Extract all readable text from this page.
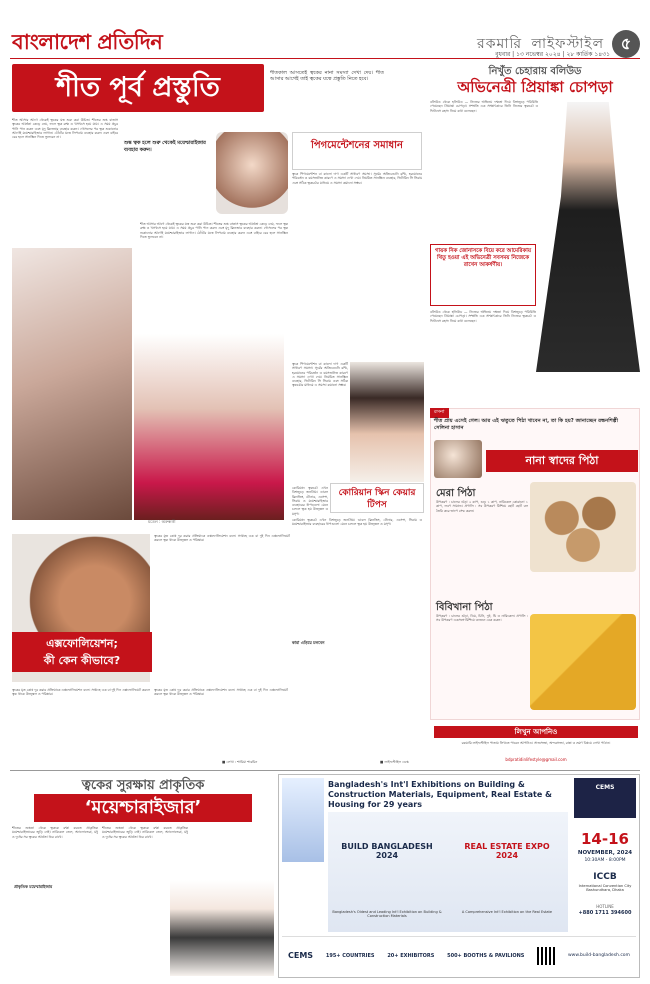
বাংলাদেশ প্রতিদিন	রকমারি লাইফস্টাইল	৫
বুধবার | ১৩ নভেম্বর ২০২৪ | ২৮ কার্তিক ১৪৩১
শীত পূর্ব প্রস্তুতি	শীতকাল আসতেই ত্বকের নানা সমস্যা দেখা দেয়। শীত আসার আগেই তাই ত্বকের যত্নে প্রস্তুতি নিতে হবে।
শীত আসার আগে থেকেই ত্বকের যত্ন শুরু করা উচিত। শীতের শুষ্ক বাতাস ত্বকের আর্দ্রতা কেড়ে নেয়, ফলে ত্বক রুক্ষ ও খসখসে হয়ে যায়। এ সময় প্রচুর পানি পান করুন এবং মৃদু ক্লিনজার ব্যবহার করুন। গোসলের পর ত্বক শুকানোর আগেই ময়েশ্চারাইজার লাগান। ঠোঁটের যত্নে লিপবাম ব্যবহার করুন এবং বাইরে বের হলে সানস্ক্রিন দিতে ভুলবেন না।
শুষ্ক ত্বক হলে শুরু থেকেই ময়েশ্চারাইজার ব্যবহার করুন।
শীত আসার আগে থেকেই ত্বকের যত্ন শুরু করা উচিত। শীতের শুষ্ক বাতাস ত্বকের আর্দ্রতা কেড়ে নেয়, ফলে ত্বক রুক্ষ ও খসখসে হয়ে যায়। এ সময় প্রচুর পানি পান করুন এবং মৃদু ক্লিনজার ব্যবহার করুন। গোসলের পর ত্বক শুকানোর আগেই ময়েশ্চারাইজার লাগান। ঠোঁটের যত্নে লিপবাম ব্যবহার করুন এবং বাইরে বের হলে সানস্ক্রিন দিতে ভুলবেন না।
মডেল : অরুন্ধতী
পিগমেন্টেশনের সমাধান
ত্বকে পিগমেন্টেশন বা কালো দাগ একটি সাধারণ সমস্যা। সূর্যের অতিবেগুনি রশ্মি, হরমোনের পরিবর্তন ও বয়সজনিত কারণে এ সমস্যা দেখা দেয়। নিয়মিত সানস্ক্রিন ব্যবহার, ভিটামিন সি সিরাম এবং সঠিক ত্বকচর্চার মাধ্যমে এ সমস্যা কমানো সম্ভব।
ত্বকে পিগমেন্টেশন বা কালো দাগ একটি সাধারণ সমস্যা। সূর্যের অতিবেগুনি রশ্মি, হরমোনের পরিবর্তন ও বয়সজনিত কারণে এ সমস্যা দেখা দেয়। নিয়মিত সানস্ক্রিন ব্যবহার, ভিটামিন সি সিরাম এবং সঠিক ত্বকচর্চার মাধ্যমে এ সমস্যা কমানো সম্ভব।
কোরিয়ান স্কিন কেয়ার টিপস
কোরিয়ান ত্বকচর্চা এখন বিশ্বজুড়ে জনপ্রিয়। ডাবল ক্লিনজিং, টোনার, এসেন্স, সিরাম ও ময়েশ্চারাইজার ব্যবহারের ধাপগুলো মেনে চললে ত্বক হয় উজ্জ্বল ও মসৃণ।
কোরিয়ান ত্বকচর্চা এখন বিশ্বজুড়ে জনপ্রিয়। ডাবল ক্লিনজিং, টোনার, এসেন্স, সিরাম ও ময়েশ্চারাইজার ব্যবহারের ধাপগুলো মেনে চললে ত্বক হয় উজ্জ্বল ও মসৃণ।
■ লাইফস্টাইল ডেস্ক
নিখুঁত চেহারায় বলিউড
অভিনেত্রী প্রিয়াঙ্কা চোপড়া
বলিউড থেকে হলিউড — নিজের অভিনয় দক্ষতা দিয়ে বিশ্বজুড়ে পরিচিতি পেয়েছেন প্রিয়াঙ্কা চোপড়া। সম্প্রতি এক সাক্ষাৎকারে তিনি নিজের ত্বকচর্চা ও ফিটনেস রহস্য নিয়ে কথা বলেছেন।
গায়ক নিক জোনাসকে বিয়ে করে আমেরিকায় থিতু হওয়া এই অভিনেত্রী সবসময় নিজেকে রাখেন আকর্ষণীয়।
বলিউড থেকে হলিউড — নিজের অভিনয় দক্ষতা দিয়ে বিশ্বজুড়ে পরিচিতি পেয়েছেন প্রিয়াঙ্কা চোপড়া। সম্প্রতি এক সাক্ষাৎকারে তিনি নিজের ত্বকচর্চা ও ফিটনেস রহস্য নিয়ে কথা বলেছেন।
রসনা
শীত প্রায় এসেই গেল। আর এই ঋতুতে পিঠা খাবেন না, তা কি হয়? জানাচ্ছেন রন্ধনশিল্পী সেলিনা হাসান
নানা স্বাদের পিঠা
মেরা পিঠা
উপকরণ : চালের গুঁড়া ২ কাপ, গুড় ১ কাপ, নারিকেল কোরানো ১ কাপ, লবণ সামান্য। প্রণালি : সব উপকরণ মিশিয়ে ছোট ছোট বল তৈরি করে ভাপে সেদ্ধ করুন।
বিবিখানা পিঠা
উপকরণ : চালের গুঁড়া, ডিম, চিনি, দুধ, ঘি ও নারিকেল। প্রণালি : সব উপকরণ একসঙ্গে মিশিয়ে ওভেনে বেক করুন।
লিখুন আপনিও
রকমারি লাইফস্টাইল পাতায় লিখতে পারেন আপনিও। সাজসজ্জা, অন্দরসজ্জা, রান্না ও ভ্রমণ বিষয়ে লেখা পাঠান।
bdpratidinlifestyle@gmail.com
ত্বকের মৃত কোষ দূর করার প্রক্রিয়াকে এক্সফোলিয়েশন বলে। সপ্তাহে এক বা দুই দিন এক্সফোলিয়েট করলে ত্বক থাকে উজ্জ্বল ও পরিষ্কার।
এক্সফোলিয়েশন;
কী কেন কীভাবে?
ত্বকের মৃত কোষ দূর করার প্রক্রিয়াকে এক্সফোলিয়েশন বলে। সপ্তাহে এক বা দুই দিন এক্সফোলিয়েট করলে ত্বক থাকে উজ্জ্বল ও পরিষ্কার।
ত্বকের মৃত কোষ দূর করার প্রক্রিয়াকে এক্সফোলিয়েশন বলে। সপ্তাহে এক বা দুই দিন এক্সফোলিয়েট করলে ত্বক থাকে উজ্জ্বল ও পরিষ্কার।
কারা এড়িয়ে চলবেন
■ লেখা : শামিমা শারমিন
ত্বকের সুরক্ষায় প্রাকৃতিক
‘ময়েশ্চারাইজার’
শীতের শুষ্কতা থেকে ত্বককে রক্ষা করতে প্রাকৃতিক ময়েশ্চারাইজারের জুড়ি নেই। নারিকেল তেল, অ্যালোভেরা, মধু ও দুধের সর ত্বকের আর্দ্রতা ধরে রাখে।
শীতের শুষ্কতা থেকে ত্বককে রক্ষা করতে প্রাকৃতিক ময়েশ্চারাইজারের জুড়ি নেই। নারিকেল তেল, অ্যালোভেরা, মধু ও দুধের সর ত্বকের আর্দ্রতা ধরে রাখে।
প্রাকৃতিক ময়েশ্চারাইজার
Bangladesh's Int'l Exhibitions on Building & Construction Materials, Equipment, Real Estate & Housing for 29 years
CEMS
BUILD BANGLADESH 2024
REAL ESTATE EXPO 2024
14-16
NOVEMBER, 2024
10:30AM - 8:00PM
ICCB
International Convention City Bashundhara, Dhaka
HOTLINE
+880 1711 394600
Bangladesh's Oldest and Leading Int'l Exhibition on Building & Construction Materials
A Comprehensive Int'l Exhibition on the Real Estate
CEMS	195+ COUNTRIES	20+ EXHIBITORS	500+ BOOTHS & PAVILIONS	www.build-bangladesh.com
